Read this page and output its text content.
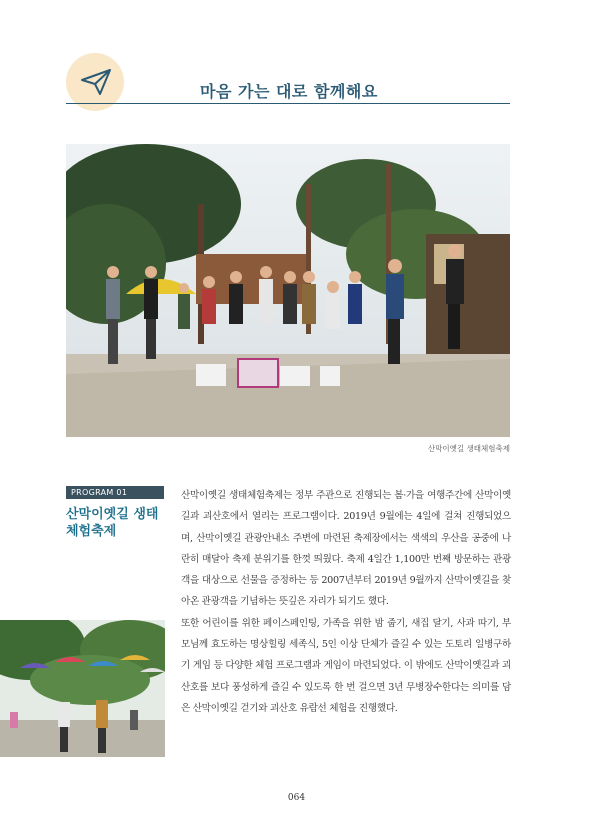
마음 가는 대로 함께해요
산막이옛길 생태체험축제
PROGRAM 01
산막이옛길 생태체험축제

산막이옛길 생태체험축제는 정부 주관으로 진행되는 봄·가을 여행주간에 산막이옛길과 괴산호에서 열리는 프로그램이다. 2019년 9월에는 4일에 걸쳐 진행되었으며, 산막이옛길 관광안내소 주변에 마련된 축제장에서는 색색의 우산을 공중에 나란히 매달아 축제 분위기를 한껏 띄웠다. 축제 4일간 1,100만 번째 방문하는 관광객을 대상으로 선물을 증정하는 등 2007년부터 2019년 9월까지 산막이옛길을 찾아온 관광객을 기념하는 뜻깊은 자리가 되기도 했다.

또한 어린이를 위한 페이스페인팅, 가족을 위한 밤 줍기, 새집 달기, 사과 따기, 부모님께 효도하는 명상힐링 세족식, 5인 이상 단체가 즐길 수 있는 도토리 일병구하기 게임 등 다양한 체험 프로그램과 게임이 마련되었다. 이 밖에도 산막이옛길과 괴산호를 보다 풍성하게 즐길 수 있도록 한 번 걸으면 3년 무병장수한다는 의미를 담은 산막이옛길 걷기와 괴산호 유람선 체험을 진행했다.

064
